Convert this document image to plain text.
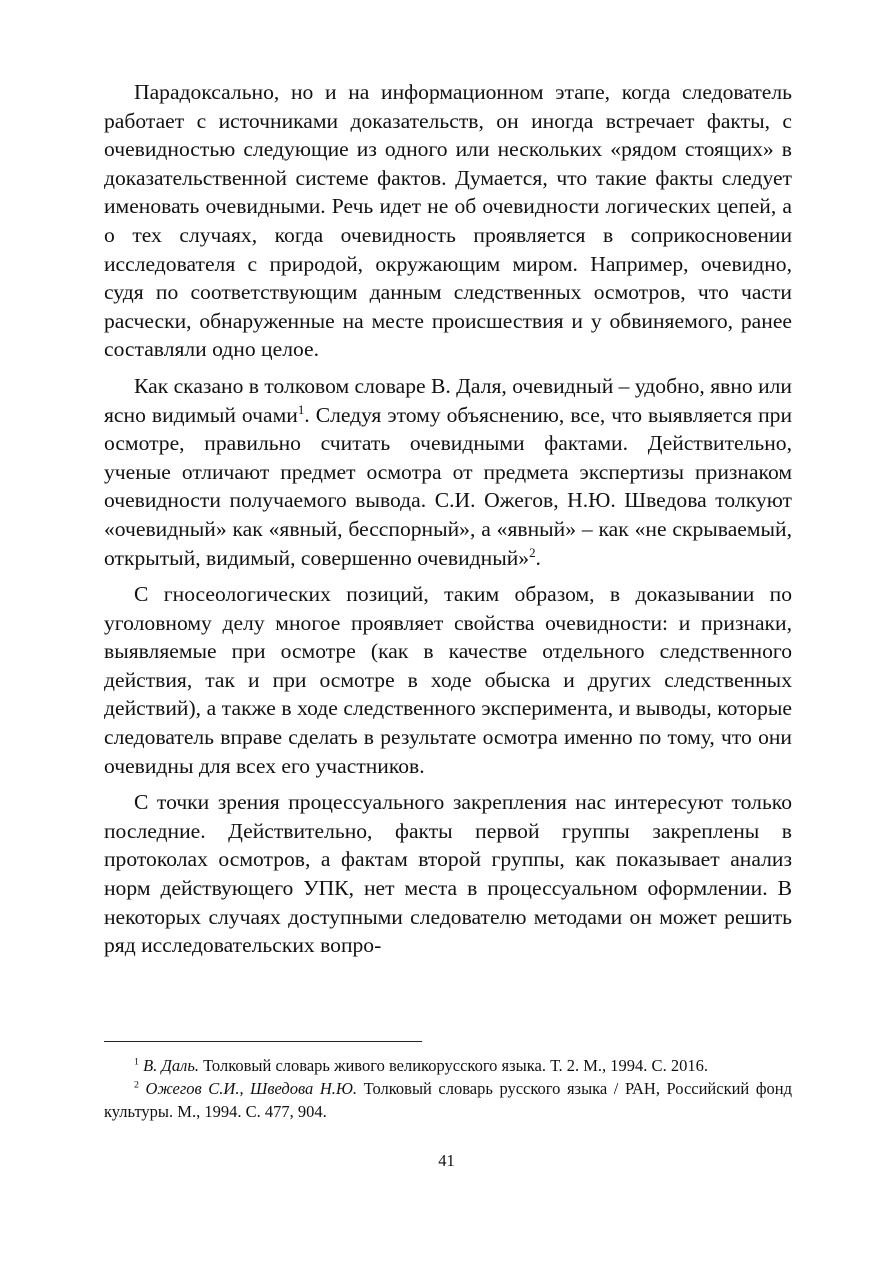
Парадоксально, но и на информационном этапе, когда следователь работает с источниками доказательств, он иногда встречает факты, с очевидностью следующие из одного или нескольких «рядом стоящих» в доказательственной системе фактов. Думается, что такие факты следует именовать очевидными. Речь идет не об очевидности логических цепей, а о тех случаях, когда очевидность проявляется в соприкосновении исследователя с природой, окружающим миром. Например, очевидно, судя по соответствующим данным следственных осмотров, что части расчески, обнаруженные на месте происшествия и у обвиняемого, ранее составляли одно целое.

Как сказано в толковом словаре В. Даля, очевидный – удобно, явно или ясно видимый очами$^1$. Следуя этому объяснению, все, что выявляется при осмотре, правильно считать очевидными фактами. Действительно, ученые отличают предмет осмотра от предмета экспертизы признаком очевидности получаемого вывода. С.И. Ожегов, Н.Ю. Шведова толкуют «очевидный» как «явный, бесспорный», а «явный» – как «не скрываемый, открытый, видимый, совершенно очевидный»$^2$.

С гносеологических позиций, таким образом, в доказывании по уголовному делу многое проявляет свойства очевидности: и признаки, выявляемые при осмотре (как в качестве отдельного следственного действия, так и при осмотре в ходе обыска и других следственных действий), а также в ходе следственного эксперимента, и выводы, которые следователь вправе сделать в результате осмотра именно по тому, что они очевидны для всех его участников.

С точки зрения процессуального закрепления нас интересуют только последние. Действительно, факты первой группы закреплены в протоколах осмотров, а фактам второй группы, как показывает анализ норм действующего УПК, нет места в процессуальном оформлении. В некоторых случаях доступными следователю методами он может решить ряд исследовательских вопро-

$^1$ В. Даль. Толковый словарь живого великорусского языка. Т. 2. М., 1994. С. 2016.

$^2$ Ожегов С.И., Шведова Н.Ю. Толковый словарь русского языка / РАН, Российский фонд культуры. М., 1994. С. 477, 904.

41
